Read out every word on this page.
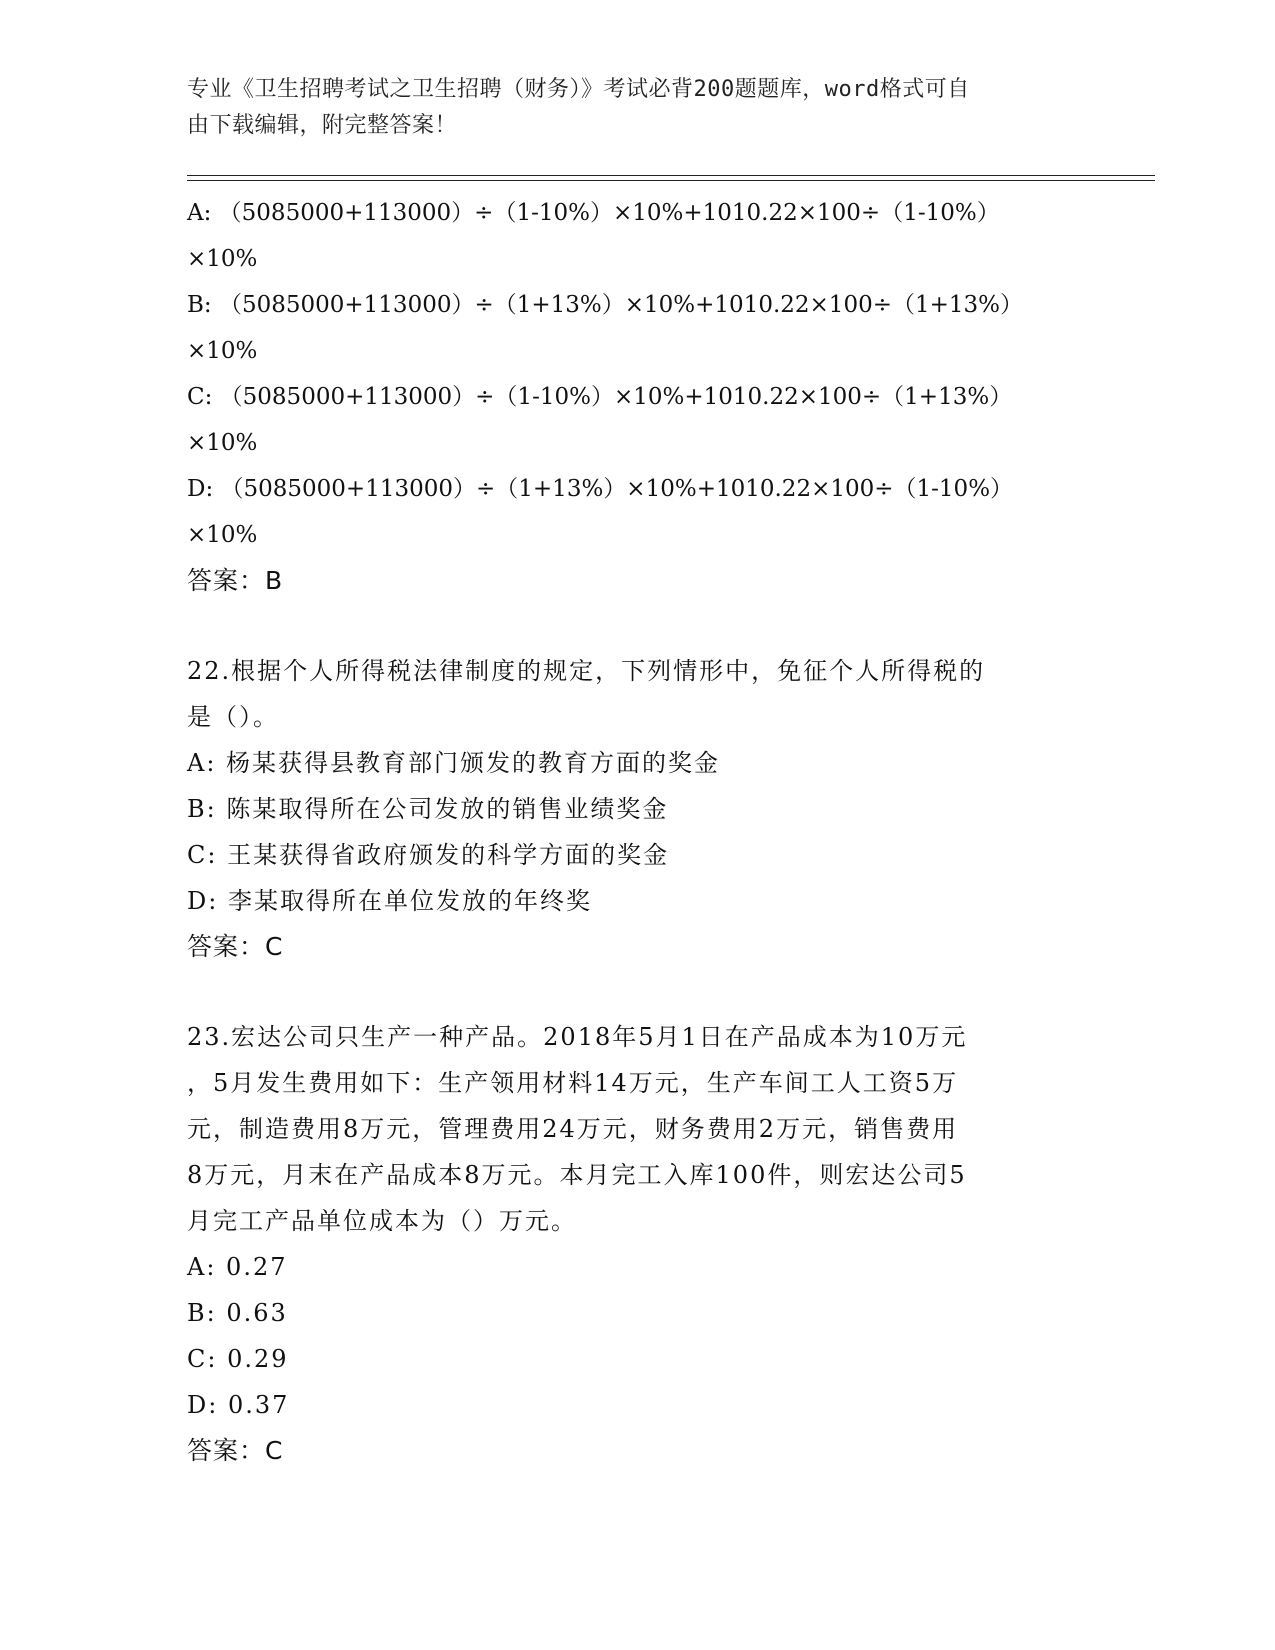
专业《卫生招聘考试之卫生招聘（财务）》考试必背200题题库，word格式可自
由下载编辑，附完整答案！
A: （5085000+113000）÷（1-10%）×10%+1010.22×100÷（1-10%）
×10%
B: （5085000+113000）÷（1+13%）×10%+1010.22×100÷（1+13%）
×10%
C: （5085000+113000）÷（1-10%）×10%+1010.22×100÷（1+13%）
×10%
D: （5085000+113000）÷（1+13%）×10%+1010.22×100÷（1-10%）
×10%
答案：B
22.根据个人所得税法律制度的规定，下列情形中，免征个人所得税的
是（）。
A: 杨某获得县教育部门颁发的教育方面的奖金
B: 陈某取得所在公司发放的销售业绩奖金
C: 王某获得省政府颁发的科学方面的奖金
D: 李某取得所在单位发放的年终奖
答案：C
23.宏达公司只生产一种产品。2018年5月1日在产品成本为10万元
，5月发生费用如下：生产领用材料14万元，生产车间工人工资5万
元，制造费用8万元，管理费用24万元，财务费用2万元，销售费用
8万元，月末在产品成本8万元。本月完工入库100件，则宏达公司5
月完工产品单位成本为（）万元。
A: 0.27
B: 0.63
C: 0.29
D: 0.37
答案：C
